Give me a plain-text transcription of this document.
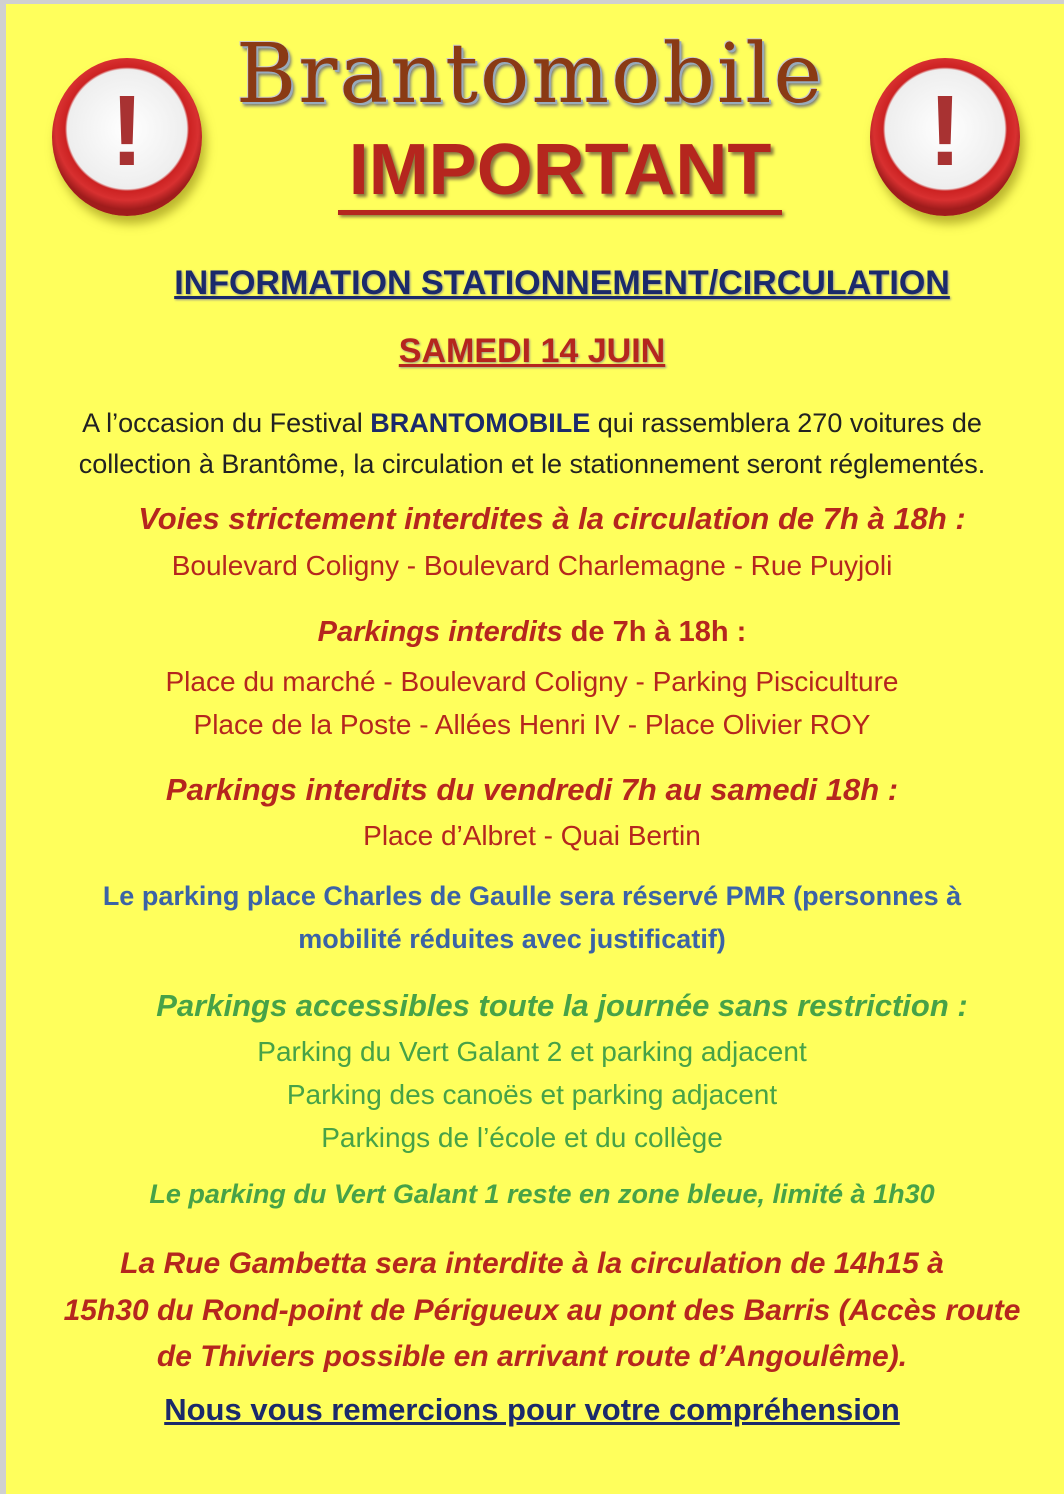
!	!
Brantomobile
IMPORTANT
INFORMATION STATIONNEMENT/CIRCULATION
SAMEDI 14 JUIN
A l’occasion du Festival BRANTOMOBILE qui rassemblera 270 voitures de
collection à Brantôme, la circulation et le stationnement seront réglementés.
Voies strictement interdites à la circulation de 7h à 18h :
Boulevard Coligny - Boulevard Charlemagne - Rue Puyjoli
Parkings interdits de 7h à 18h :
Place du marché - Boulevard Coligny - Parking Pisciculture
Place de la Poste - Allées Henri IV - Place Olivier ROY
Parkings interdits du vendredi 7h au samedi 18h :
Place d’Albret - Quai Bertin
Le parking place Charles de Gaulle sera réservé PMR (personnes à
mobilité réduites avec justificatif)
Parkings accessibles toute la journée sans restriction :
Parking du Vert Galant 2 et parking adjacent
Parking des canoës et parking adjacent
Parkings de l’école et du collège
Le parking du Vert Galant 1 reste en zone bleue, limité à 1h30
La Rue Gambetta sera interdite à la circulation de 14h15 à
15h30 du Rond-point de Périgueux au pont des Barris (Accès route
de Thiviers possible en arrivant route d’Angoulême).
Nous vous remercions pour votre compréhension
